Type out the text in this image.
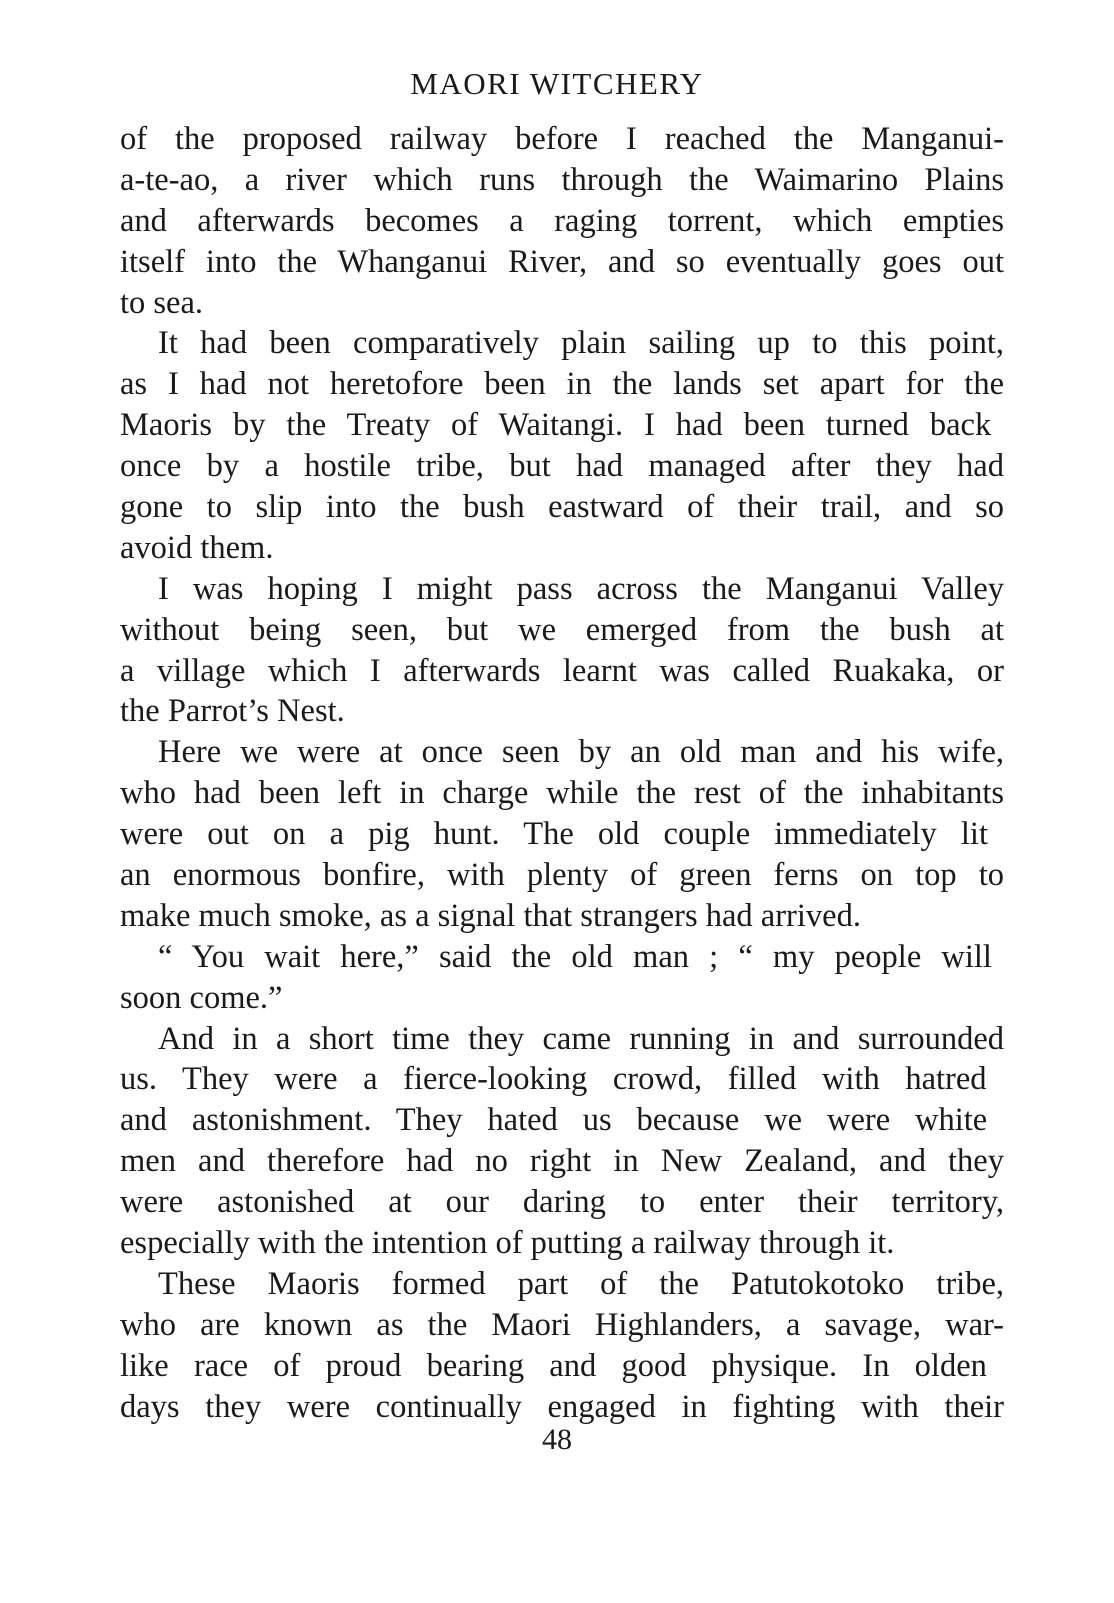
MAORI WITCHERY
of the proposed railway before I reached the Manganui-
a-te-ao, a river which runs through the Waimarino Plains
and afterwards becomes a raging torrent, which empties
itself into the Whanganui River, and so eventually goes out
to sea.
It had been comparatively plain sailing up to this point,
as I had not heretofore been in the lands set apart for the
Maoris by the Treaty of Waitangi. I had been turned back
once by a hostile tribe, but had managed after they had
gone to slip into the bush eastward of their trail, and so
avoid them.
I was hoping I might pass across the Manganui Valley
without being seen, but we emerged from the bush at
a village which I afterwards learnt was called Ruakaka, or
the Parrot’s Nest.
Here we were at once seen by an old man and his wife,
who had been left in charge while the rest of the inhabitants
were out on a pig hunt. The old couple immediately lit
an enormous bonfire, with plenty of green ferns on top to
make much smoke, as a signal that strangers had arrived.
“ You wait here,” said the old man ; “ my people will
soon come.”
And in a short time they came running in and surrounded
us. They were a fierce-looking crowd, filled with hatred
and astonishment. They hated us because we were white
men and therefore had no right in New Zealand, and they
were astonished at our daring to enter their territory,
especially with the intention of putting a railway through it.
These Maoris formed part of the Patutokotoko tribe,
who are known as the Maori Highlanders, a savage, war-
like race of proud bearing and good physique. In olden
days they were continually engaged in fighting with their
48
